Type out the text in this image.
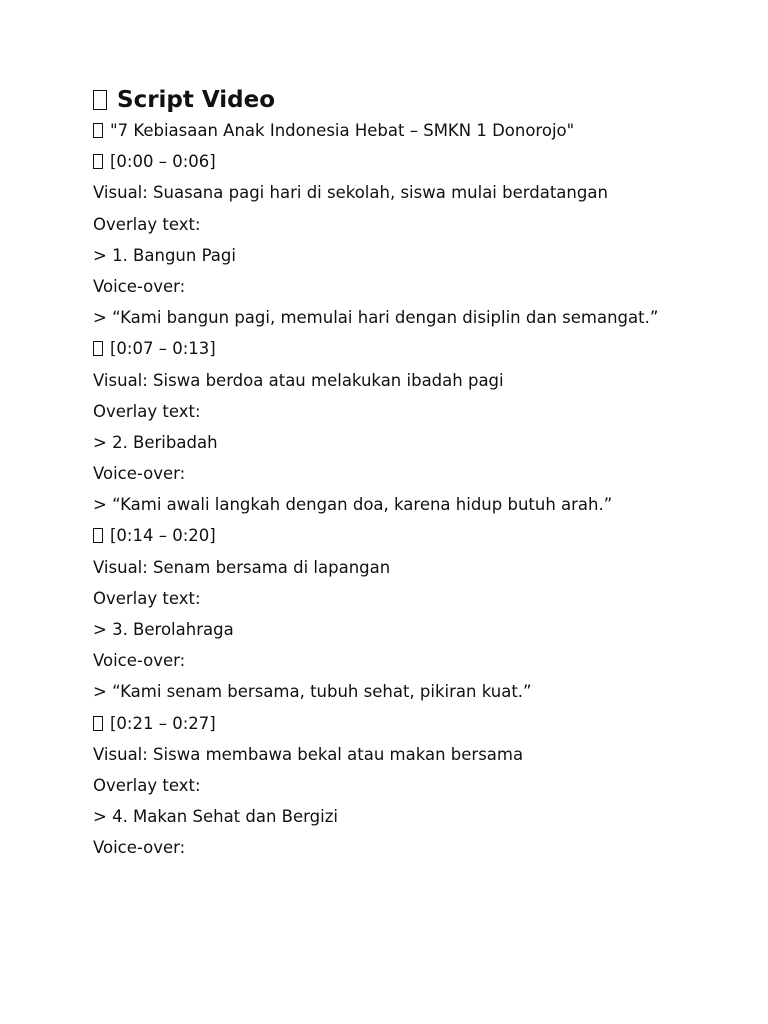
Script Video
"7 Kebiasaan Anak Indonesia Hebat – SMKN 1 Donorojo"
[0:00 – 0:06]
Visual: Suasana pagi hari di sekolah, siswa mulai berdatangan
Overlay text:
> 1. Bangun Pagi
Voice-over:
> “Kami bangun pagi, memulai hari dengan disiplin dan semangat.”
[0:07 – 0:13]
Visual: Siswa berdoa atau melakukan ibadah pagi
Overlay text:
> 2. Beribadah
Voice-over:
> “Kami awali langkah dengan doa, karena hidup butuh arah.”
[0:14 – 0:20]
Visual: Senam bersama di lapangan
Overlay text:
> 3. Berolahraga
Voice-over:
> “Kami senam bersama, tubuh sehat, pikiran kuat.”
[0:21 – 0:27]
Visual: Siswa membawa bekal atau makan bersama
Overlay text:
> 4. Makan Sehat dan Bergizi
Voice-over:
